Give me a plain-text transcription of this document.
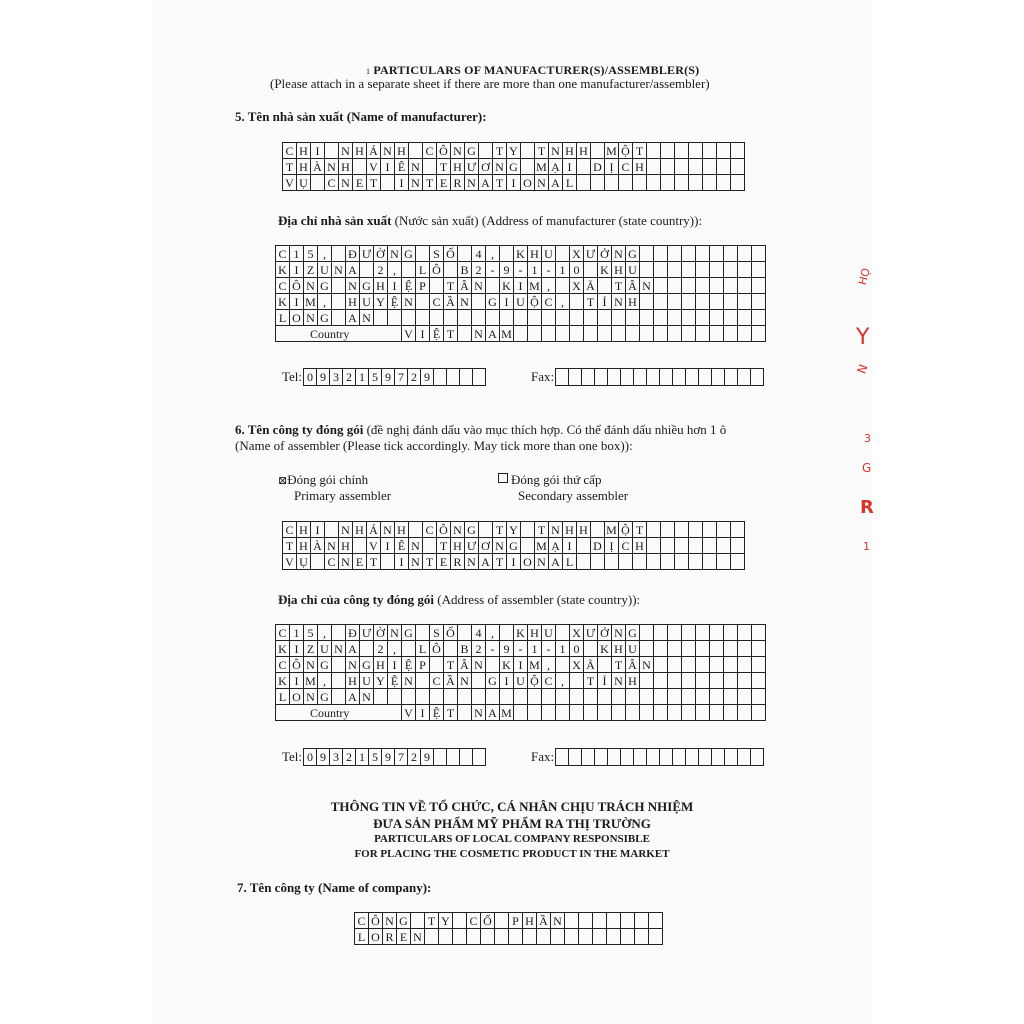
1 PARTICULARS OF MANUFACTURER(S)/ASSEMBLER(S)
(Please attach in a separate sheet if there are more than one manufacturer/assembler)
5. Tên nhà sản xuất (Name of manufacturer):
C	H	I		N	H	Á	N	H		C	Ô	N	G		T	Y		T	N	H	H		M	Ộ	T							
T	H	À	N	H		V	I	Ê	N		T	H	Ư	Ơ	N	G		M	Ạ	I		D	Ị	C	H							
V	Ụ		C	N	E	T		I	N	T	E	R	N	A	T	I	O	N	A	L												
Địa chỉ nhà sản xuất (Nước sản xuất) (Address of manufacturer (state country)):
C	1	5	,		Đ	Ư	Ờ	N	G		S	Ố		4	,		K	H	U		X	Ư	Ở	N	G									
K	I	Z	U	N	A		2	,		L	Ô		B	2	-	9	-	1	-	1	0		K	H	U									
C	Ô	N	G		N	G	H	I	Ệ	P		T	Â	N		K	I	M	,		X	Ã		T	Â	N								
K	I	M	,		H	U	Y	Ệ	N		C	Ầ	N		G	I	U	Ộ	C	,		T	Ỉ	N	H									
L	O	N	G		A	N																												
Country									V	I	Ệ	T		N	A	M																		
Tel: 0 9 3 2 1 5 9 7 2 9	Fax:
6. Tên công ty đóng gói (đề nghị đánh dấu vào mục thích hợp. Có thể đánh dấu nhiều hơn 1 ô
(Name of assembler (Please tick accordingly. May tick more than one box)):
⊠Đóng gói chính
Primary assembler
Đóng gói thứ cấp
Secondary assembler
C	H	I		N	H	Á	N	H		C	Ô	N	G		T	Y		T	N	H	H		M	Ộ	T							
T	H	À	N	H		V	I	Ê	N		T	H	Ư	Ơ	N	G		M	Ạ	I		D	Ị	C	H							
V	Ụ		C	N	E	T		I	N	T	E	R	N	A	T	I	O	N	A	L												
Địa chỉ của công ty đóng gói (Address of assembler (state country)):
C	1	5	,		Đ	Ư	Ờ	N	G		S	Ố		4	,		K	H	U		X	Ư	Ở	N	G									
K	I	Z	U	N	A		2	,		L	Ô		B	2	-	9	-	1	-	1	0		K	H	U									
C	Ô	N	G		N	G	H	I	Ệ	P		T	Â	N		K	I	M	,		X	Ã		T	Â	N								
K	I	M	,		H	U	Y	Ệ	N		C	Ầ	N		G	I	U	Ộ	C	,		T	Ỉ	N	H									
L	O	N	G		A	N																												
Country									V	I	Ệ	T		N	A	M																		
Tel: 0 9 3 2 1 5 9 7 2 9	Fax:
THÔNG TIN VỀ TỔ CHỨC, CÁ NHÂN CHỊU TRÁCH NHIỆM
ĐƯA SẢN PHẨM MỸ PHẨM RA THỊ TRƯỜNG
PARTICULARS OF LOCAL COMPANY RESPONSIBLE
FOR PLACING THE COSMETIC PRODUCT IN THE MARKET
7. Tên công ty (Name of company):
C	Ô	N	G		T	Y		C	Ổ		P	H	Ầ	N							
L	O	R	E	N																	
HỌ
Y
N
3
G
R
1
